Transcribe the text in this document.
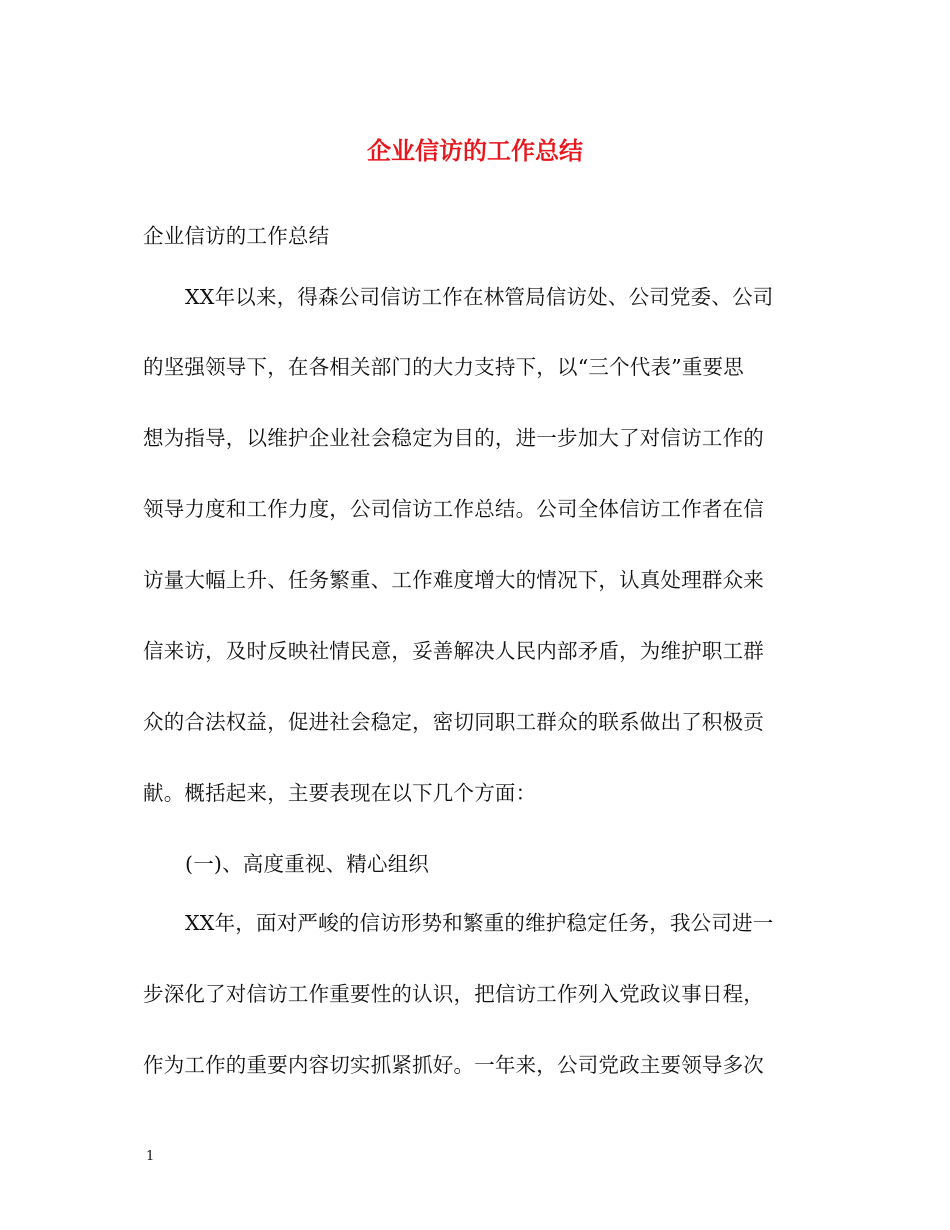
企业信访的工作总结
企业信访的工作总结
XX年以来，得森公司信访工作在林管局信访处、公司党委、公司
的坚强领导下，在各相关部门的大力支持下，以“三个代表”重要思
想为指导，以维护企业社会稳定为目的，进一步加大了对信访工作的
领导力度和工作力度，公司信访工作总结。公司全体信访工作者在信
访量大幅上升、任务繁重、工作难度增大的情况下，认真处理群众来
信来访，及时反映社情民意，妥善解决人民内部矛盾，为维护职工群
众的合法权益，促进社会稳定，密切同职工群众的联系做出了积极贡
献。概括起来，主要表现在以下几个方面：
(一)、高度重视、精心组织
XX年，面对严峻的信访形势和繁重的维护稳定任务，我公司进一
步深化了对信访工作重要性的认识，把信访工作列入党政议事日程，
作为工作的重要内容切实抓紧抓好。一年来，公司党政主要领导多次
1
